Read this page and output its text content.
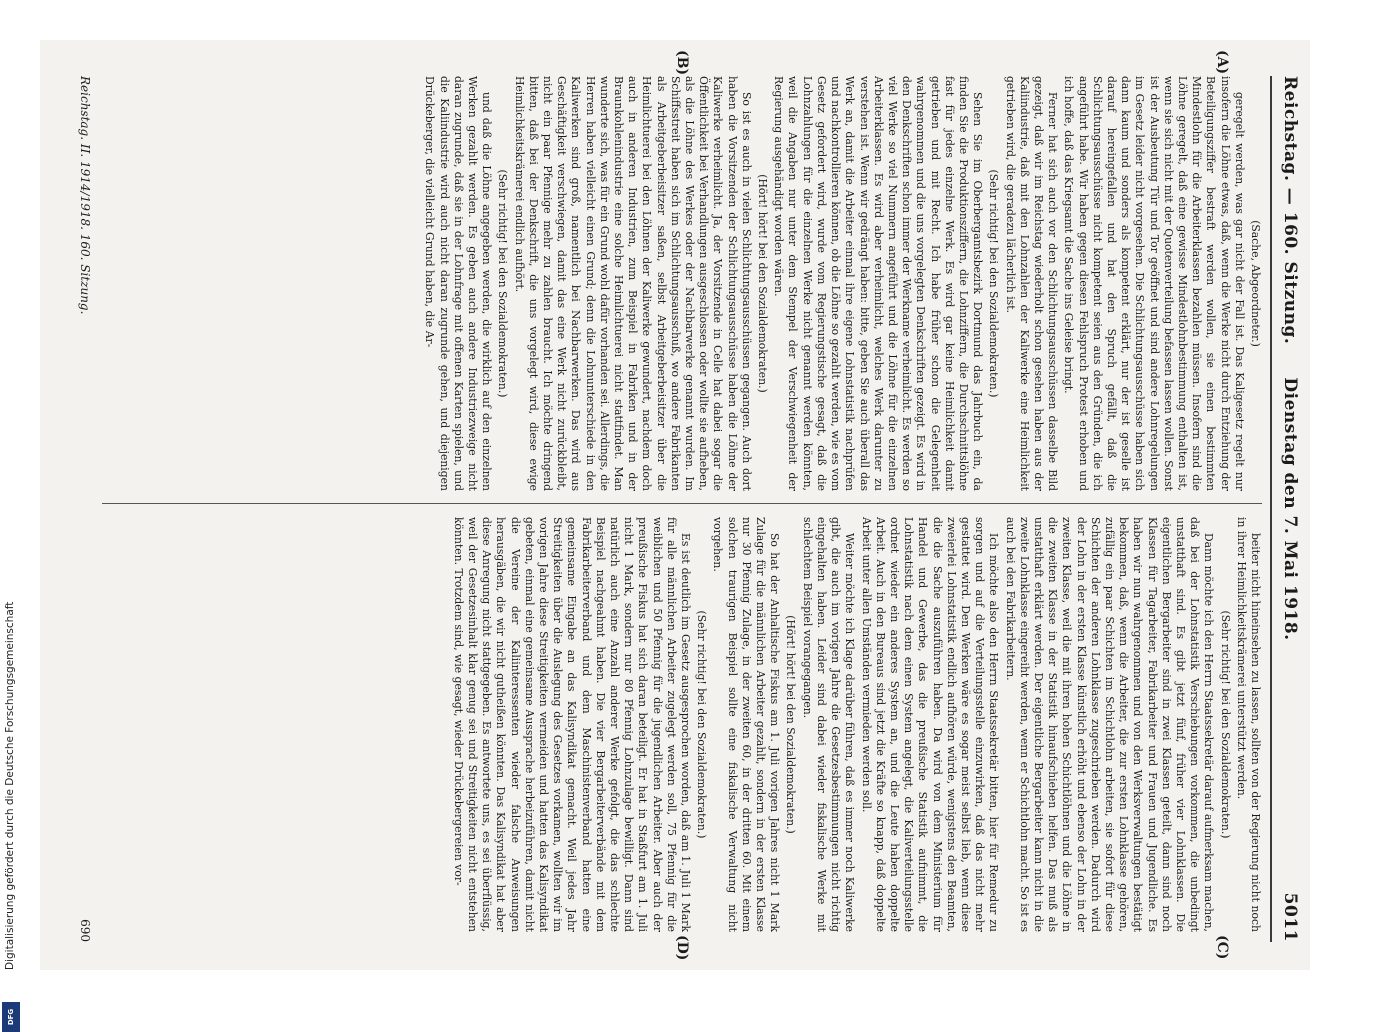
Reichstag. — 160. Sitzung.
Dienstag den 7. Mai 1918.
5011
(A)
(B)
(C)
(D)

(Sache, Abgeordneter.)

geregelt werden, was gar nicht der Fall ist. Das Kaligesetz regelt nur insofern die Löhne etwas, daß, wenn die Werke nicht durch Entziehung der Beteiligungsziffer bestraft werden wollen, sie einen bestimmten Mindestlohn für die Arbeiterklassen bezahlen müssen. Insofern sind die Löhne geregelt, daß eine gewisse Mindestlohnbestimmung enthalten ist, wenn sie sich nicht mit der Quotenverteilung befassen lassen wollen. Sonst ist der Ausbeutung Tür und Tor geöffnet und sind andere Lohnregelungen im Gesetz leider nicht vorgesehen. Die Schlichtungsausschüsse haben sich dann kaum und sonders als kompetent erklärt, nur der ist geselle ist darauf hereingefallen und hat den Spruch gefällt, daß die Schlichtungsausschüsse nicht kompetent seien aus den Gründen, die ich angeführt habe. Wir haben gegen diesen Fehlspruch Protest erhoben und ich hoffe, daß das Kriegsamt die Sache ins Geleise bringt.

Ferner hat sich auch vor den Schlichtungsausschüssen dasselbe Bild gezeigt, daß wir im Reichstag wiederholt schon gesehen haben aus der Kaliindustrie, daß mit den Lohnzahlen der Kaliwerke eine Heimlichkeit getrieben wird, die geradezu lächerlich ist.

(Sehr richtig! bei den Sozialdemokraten.)

Sehen Sie im Oberbergamtsbezirk Dortmund das Jahrbuch ein, da finden Sie die Produktionsziffern, die Lohnziffern, die Durchschnittslöhne fast für jedes einzelne Werk. Es wird gar keine Heimlichkeit damit getrieben und mit Recht. Ich habe früher schon die Gelegenheit wahrgenommen und die uns vorgelegten Denkschriften gezeigt. Es wird in den Denkschriften schon immer der Werkname verheimlicht. Es werden so viel Werke so viel Nummern angeführt und die Löhne für die einzelnen Arbeiterklassen. Es wird aber verheimlicht, welches Werk darunter zu verstehen ist. Wenn wir gedrängt haben: bitte, geben Sie auch überall das Werk an, damit die Arbeiter einmal ihre eigene Lohnstatistik nachprüfen und nachkontrollieren können, ob die Löhne so gezahlt werden, wie es vom Gesetz gefordert wird, wurde vom Regierungstische gesagt, daß die Lohnzahlungen für die einzelnen Werke nicht genannt werden könnten, weil die Angaben nur unter dem Stempel der Verschwiegenheit der Regierung ausgehändigt worden wären.

(Hört! hört! bei den Sozialdemokraten.)

So ist es auch in vielen Schlichtungsausschüssen gegangen. Auch dort haben die Vorsitzenden der Schlichtungsausschüsse haben die Löhne der Kaliwerke verheimlicht. Ja, der Vorsitzende in Celle hat dabei sogar die Öffentlichkeit bei Verhandlungen ausgeschlossen oder wollte sie aufheben, als die Löhne des Werkes oder der Nachbarwerke genannt wurden. Im Schiffsstreit haben sich im Schlichtungsausschuß, wo andere Fabrikanten als Arbeitgeberbeisitzer saßen, selbst Arbeitgeberbeisitzer über die Heimlichtuerei bei den Löhnen der Kaliwerke gewundert, nachdem doch auch in anderen Industrien, zum Beispiel in Fabriken und in der Braunkohlenindustrie eine solche Heimlichtuerei nicht stattfindet. Man wunderte sich, was für ein Grund wohl dafür vorhanden sei. Allerdings, die Herren haben vielleicht einen Grund; denn die Lohnunterschiede in den Kaliwerken sind groß, namentlich bei Nachbarwerken. Das wird aus Geschäftigkeit verschwiegen, damit das eine Werk nicht zurückbleibt, nicht ein paar Pfennige mehr zu zahlen braucht. Ich möchte dringend bitten, daß bei der Denkschrift, die uns vorgelegt wird, diese ewige Heimlichkeitskrämerei endlich aufhört.

(Sehr richtig! bei den Sozialdemokraten.)

und daß die Löhne angegeben werden, die wirklich auf den einzelnen Werken gezahlt werden. Es geben auch andere Industriezweige nicht daran zugrunde, daß sie in der Lohnfrage mit offenen Karten spielen, und die Kaliindustrie wird auch nicht daran zugrunde gehen, und diejenigen Drückeberger, die vielleicht Grund haben, die Ar-

beiter nicht hineinsehen zu lassen, sollten von der Regierung nicht noch in ihrer Heimlichkeitskrämerei unterstützt werden.

(Sehr richtig! bei den Sozialdemokraten.)

Dann möchte ich den Herrn Staatssekretär darauf aufmerksam machen, daß bei der Lohnstatistik Verschiebungen vorkommen, die unbedingt unstatthaft sind. Es gibt jetzt fünf, früher vier Lohnklassen. Die eigentlichen Bergarbeiter sind in zwei Klassen geteilt, dann sind noch Klassen für Tagarbeiter, Fabrikarbeiter und Frauen und Jugendliche. Es haben wir nun wahrgenommen und von den Werksverwaltungen bestätigt bekommen, daß, wenn die Arbeiter, die zur ersten Lohnklasse gehören, zufällig ein paar Schichten im Schichtlohn arbeiten, sie sofort für diese Schichten der anderen Lohnklasse zugeschrieben werden. Dadurch wird der Lohn in der ersten Klasse künstlich erhöht und ebenso der Lohn in der zweiten Klasse, weil die mit ihren hohen Schichtlöhnen und die Löhne in die zweiten Klasse in der Statistik hinaufschieben helfen. Das muß als unstatthaft erklärt werden. Der eigentliche Bergarbeiter kann nicht in die zweite Lohnklasse eingereiht werden, wenn er Schichtlohn macht. So ist es auch bei den Fabrikarbeitern.

Ich möchte also den Herrn Staatssekretär bitten, hier für Remedur zu sorgen und auf die Verteilungsstelle einzuwirken, daß das nicht mehr gestattet wird. Den Werken wäre es sogar meist selbst lieb, wenn diese zweierlei Lohnstatistik endlich aufhören würde, wenigstens den Beamten, die die Sache auszuführen haben. Da wird von dem Ministerium für Handel und Gewerbe, das die preußische Statistik aufnimmt, die Lohnstatistik nach dem einen System angelegt, die Kaliverteilungsstelle ordnet wieder ein anderes System an, und die Leute haben doppelte Arbeit. Auch in den Bureaus sind jetzt die Kräfte so knapp, daß doppelte Arbeit unter allen Umständen vermieden werden soll.

Weiter möchte ich Klage darüber führen, daß es immer noch Kaliwerke gibt, die auch im vorigen Jahre die Gesetzesbestimmungen nicht richtig eingehalten haben. Leider sind dabei wieder fiskalische Werke mit schlechtem Beispiel vorangegangen.

(Hört! hört! bei den Sozialdemokraten.)

So hat der Anhaltische Fiskus am 1. Juli vorigen Jahres nicht 1 Mark Zulage für die männlichen Arbeiter gezahlt, sondern in der ersten Klasse nur 30 Pfennig Zulage, in der zweiten 60, in der dritten 60. Mit einem solchen traurigen Beispiel sollte eine fiskalische Verwaltung nicht vorgehen.

(Sehr richtig! bei den Sozialdemokraten.)

Es ist deutlich im Gesetz ausgesprochen worden, daß am 1. Juli 1 Mark für alle männlichen Arbeiter zugelegt werden soll, 75 Pfennig für die weiblichen und 50 Pfennig für die jugendlichen Arbeiter. Aber auch der preußische Fiskus hat sich daran beteiligt. Er hat in Staßfurt am 1. Juli nicht 1 Mark, sondern nur 80 Pfennig Lohnzulage bewilligt. Dann sind natürlich auch eine Anzahl anderer Werke gefolgt, die das schlechte Beispiel nachgeahmt haben. Die vier Bergarbeiterverbände mit dem Fabrikarbeiterverband und dem Maschinistenverband hatten eine gemeinsame Eingabe an das Kalisyndikat gemacht. Weil jedes Jahr Streitigkeiten über die Auslegung des Gesetzes vorkamen, wollten wir im vorigen Jahre diese Streitigkeiten vermeiden und hatten das Kalisyndikat gebeten, einmal eine gemeinsame Aussprache herbeizuführen, damit nicht die Vereine der Kaliinteressenten wieder falsche Anweisungen herausgäben, die wir nicht gutheißen könnten. Das Kalisyndikat hat aber diese Anregung nicht stattgegeben. Es antwortete uns, es sei überflüssig, weil der Gesetzesinhalt klar genug sei und Streitigkeiten nicht entstehen könnten. Trotzdem sind, wie gesagt, wieder Drückebergereien vor-

Reichstag. II. 1914/1918. 160. Sitzung.
690
Digitalisierung gefördert durch die Deutsche Forschungsgemeinschaft
DFG
